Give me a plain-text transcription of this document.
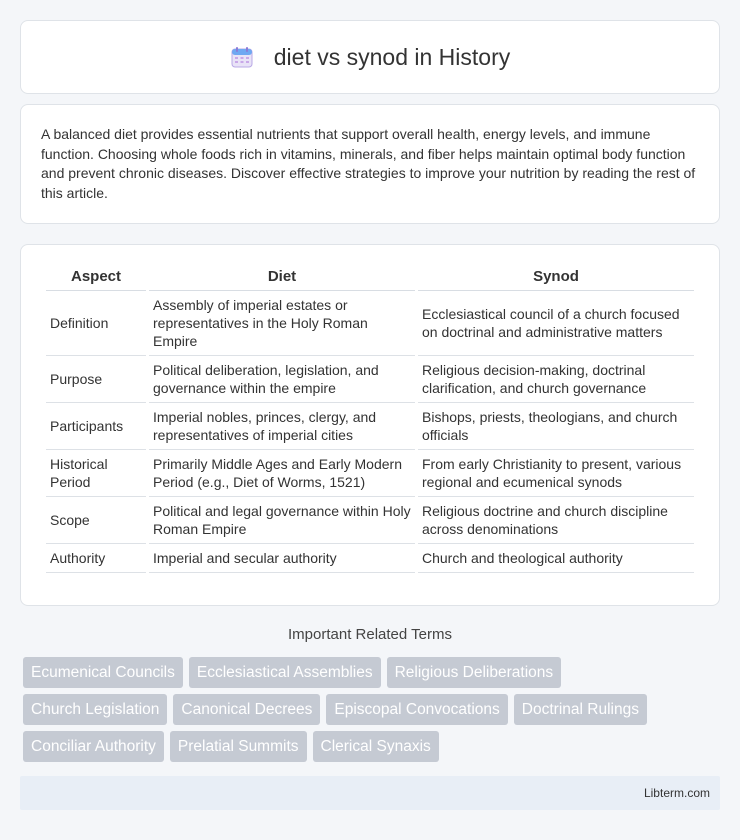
diet vs synod in History

A balanced diet provides essential nutrients that support overall health, energy levels, and immune function. Choosing whole foods rich in vitamins, minerals, and fiber helps maintain optimal body function and prevent chronic diseases. Discover effective strategies to improve your nutrition by reading the rest of this article.

Aspect	Diet	Synod
Definition	Assembly of imperial estates or representatives in the Holy Roman Empire	Ecclesiastical council of a church focused on doctrinal and administrative matters
Purpose	Political deliberation, legislation, and governance within the empire	Religious decision-making, doctrinal clarification, and church governance
Participants	Imperial nobles, princes, clergy, and representatives of imperial cities	Bishops, priests, theologians, and church officials
Historical Period	Primarily Middle Ages and Early Modern Period (e.g., Diet of Worms, 1521)	From early Christianity to present, various regional and ecumenical synods
Scope	Political and legal governance within Holy Roman Empire	Religious doctrine and church discipline across denominations
Authority	Imperial and secular authority	Church and theological authority
Important Related Terms
Ecumenical Councils	Ecclesiastical Assemblies	Religious Deliberations
Church Legislation	Canonical Decrees	Episcopal Convocations	Doctrinal Rulings
Conciliar Authority	Prelatial Summits	Clerical Synaxis
Libterm.com
